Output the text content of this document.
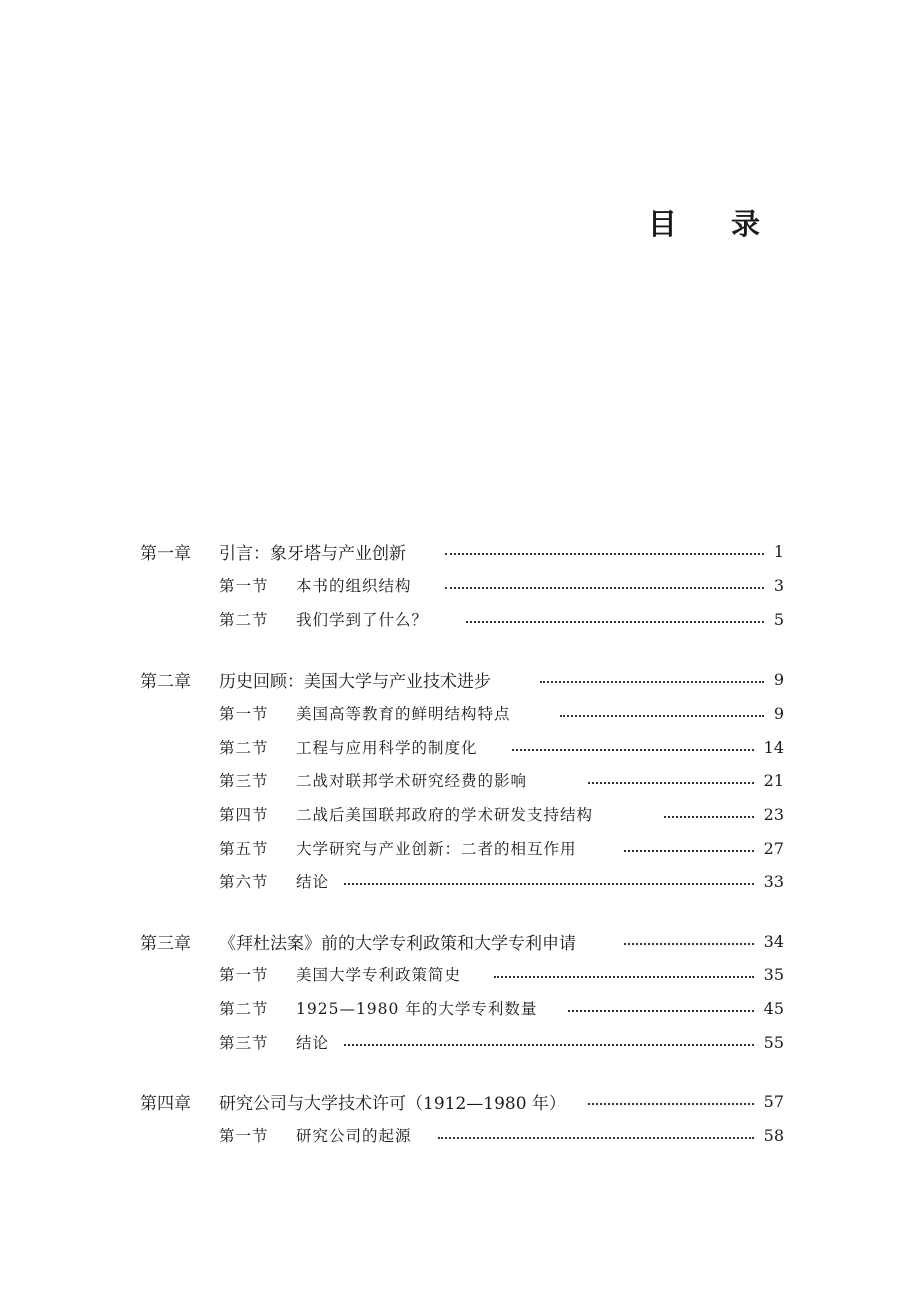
目 录
第一章 引言：象牙塔与产业创新	1
第一节 本书的组织结构	3
第二节 我们学到了什么？	5
第二章 历史回顾：美国大学与产业技术进步	9
第一节 美国高等教育的鲜明结构特点	9
第二节 工程与应用科学的制度化	14
第三节 二战对联邦学术研究经费的影响	21
第四节 二战后美国联邦政府的学术研发支持结构	23
第五节 大学研究与产业创新：二者的相互作用	27
第六节 结论	33
第三章 《拜杜法案》前的大学专利政策和大学专利申请	34
第一节 美国大学专利政策简史	35
第二节 1925—1980 年的大学专利数量	45
第三节 结论	55
第四章 研究公司与大学技术许可（1912—1980 年）	57
第一节 研究公司的起源	58
